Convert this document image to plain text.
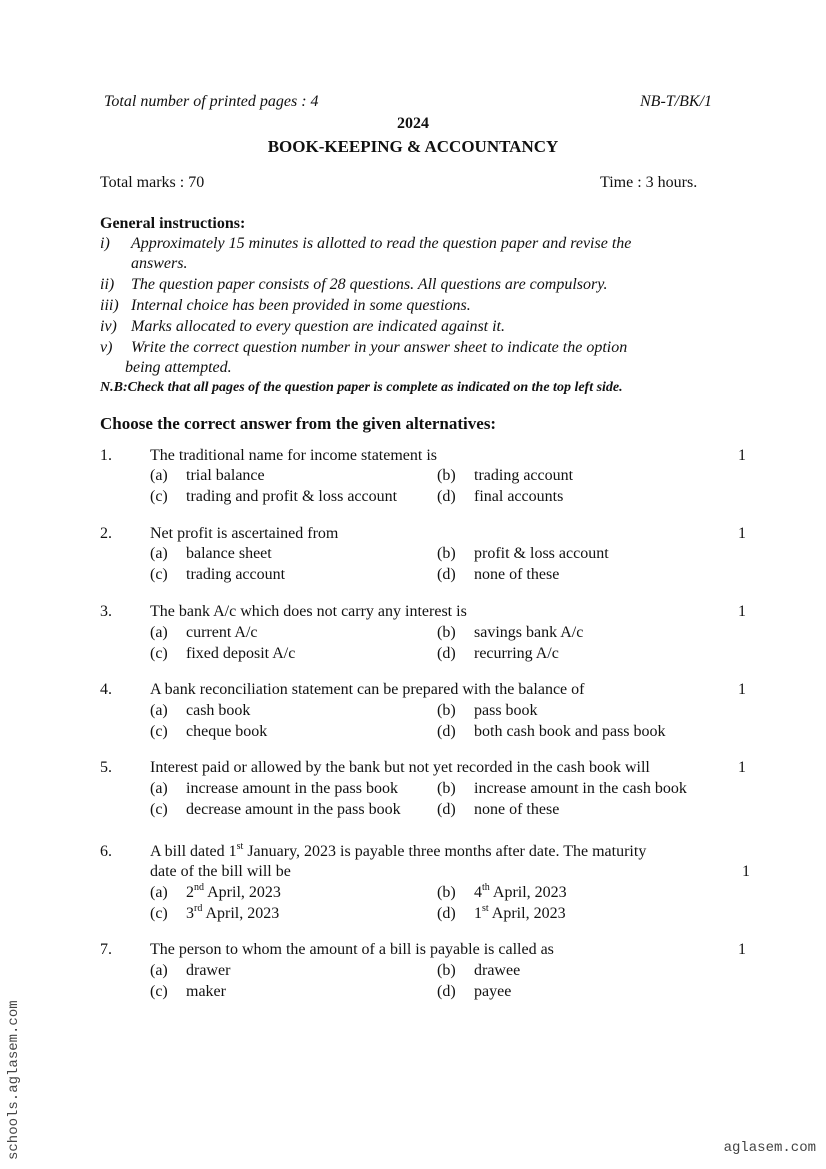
Total number of printed pages : 4	NB-T/BK/1
2024
BOOK-KEEPING & ACCOUNTANCY
Total marks : 70	Time : 3 hours.
General instructions:
i) Approximately 15 minutes is allotted to read the question paper and revise the
answers.
ii) The question paper consists of 28 questions. All questions are compulsory.
iii) Internal choice has been provided in some questions.
iv) Marks allocated to every question are indicated against it.
v) Write the correct question number in your answer sheet to indicate the option
being attempted.
N.B:Check that all pages of the question paper is complete as indicated on the top left side.
Choose the correct answer from the given alternatives:
1. The traditional name for income statement is	1
(a) trial balance	(b) trading account
(c) trading and profit & loss account (d) final accounts
2. Net profit is ascertained from	1
(a) balance sheet	(b) profit & loss account
(c) trading account	(d) none of these
3. The bank A/c which does not carry any interest is	1
(a) current A/c	(b) savings bank A/c
(c) fixed deposit A/c	(d) recurring A/c
4. A bank reconciliation statement can be prepared with the balance of	1
(a) cash book	(b) pass book
(c) cheque book	(d) both cash book and pass book
5. Interest paid or allowed by the bank but not yet recorded in the cash book will	1
(a) increase amount in the pass book (b) increase amount in the cash book
(c) decrease amount in the pass book (d) none of these
6. A bill dated 1st January, 2023 is payable three months after date. The maturity
date of the bill will be	1
(a) 2nd April, 2023	(b) 4th April, 2023
(c) 3rd April, 2023	(d) 1st April, 2023
7. The person to whom the amount of a bill is payable is called as	1
(a) drawer	(b) drawee
(c) maker	(d) payee
schools.aglasem.com	aglasem.com
